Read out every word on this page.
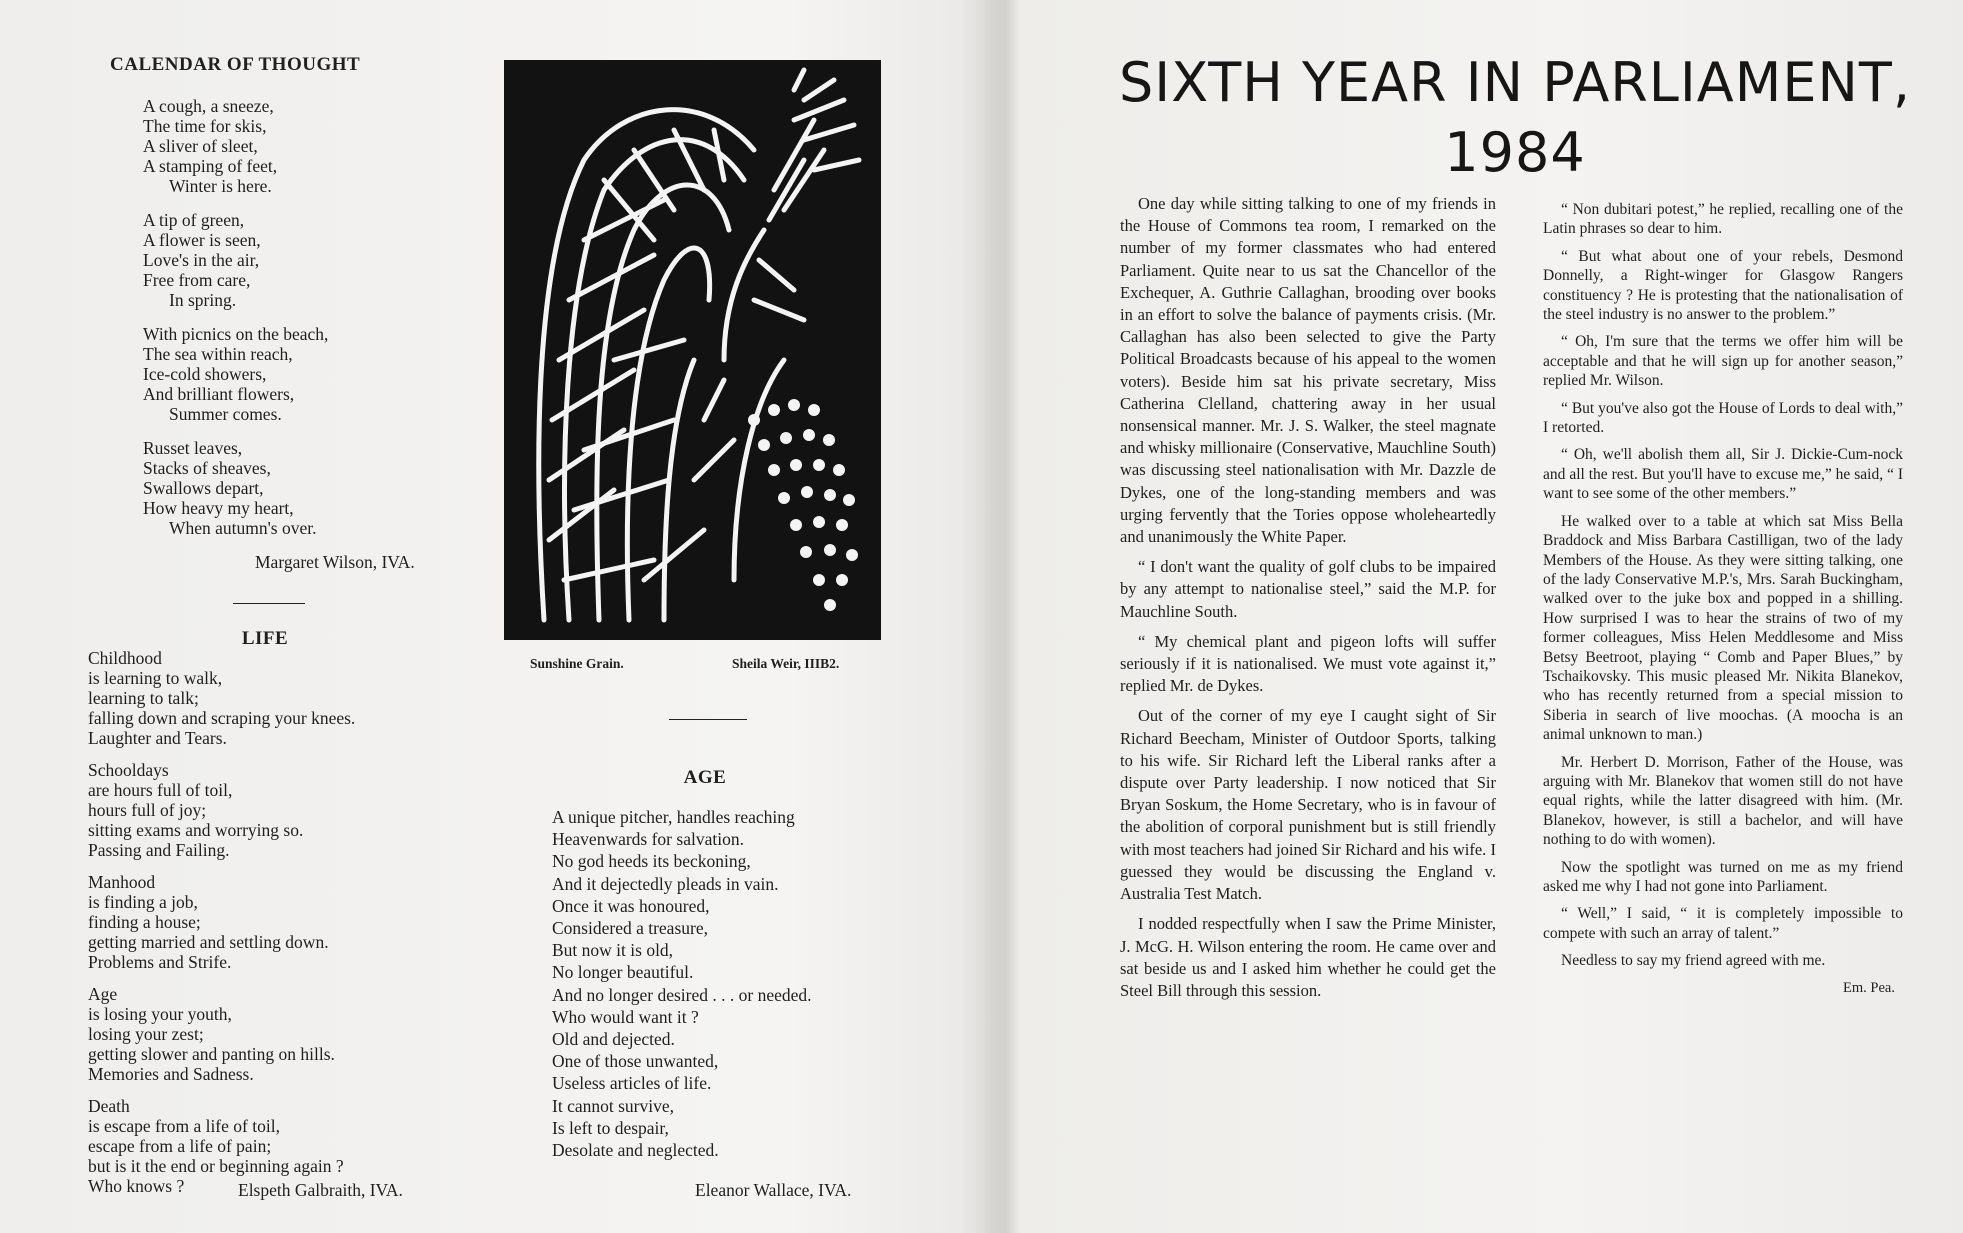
CALENDAR OF THOUGHT
A cough, a sneeze,
The time for skis,
A sliver of sleet,
A stamping of feet,
Winter is here.
A tip of green,
A flower is seen,
Love's in the air,
Free from care,
In spring.
With picnics on the beach,
The sea within reach,
Ice-cold showers,
And brilliant flowers,
Summer comes.
Russet leaves,
Stacks of sheaves,
Swallows depart,
How heavy my heart,
When autumn's over.
Margaret Wilson, IVA.
LIFE
Childhood
is learning to walk,
learning to talk;
falling down and scraping your knees.
Laughter and Tears.
Schooldays
are hours full of toil,
hours full of joy;
sitting exams and worrying so.
Passing and Failing.
Manhood
is finding a job,
finding a house;
getting married and settling down.
Problems and Strife.
Age
is losing your youth,
losing your zest;
getting slower and panting on hills.
Memories and Sadness.
Death
is escape from a life of toil,
escape from a life of pain;
but is it the end or beginning again ?
Who knows ?	Elspeth Galbraith, IVA.
Sunshine Grain.	Sheila Weir, IIIB2.
AGE
A unique pitcher, handles reaching
Heavenwards for salvation.
No god heeds its beckoning,
And it dejectedly pleads in vain.
Once it was honoured,
Considered a treasure,
But now it is old,
No longer beautiful.
And no longer desired . . . or needed.
Who would want it ?
Old and dejected.
One of those unwanted,
Useless articles of life.
It cannot survive,
Is left to despair,
Desolate and neglected.
Eleanor Wallace, IVA.
SIXTH YEAR IN PARLIAMENT,
1984

One day while sitting talking to one of my friends in the House of Commons tea room, I remarked on the number of my former classmates who had entered Parliament. Quite near to us sat the Chancellor of the Exchequer, A. Guthrie Callaghan, brooding over books in an effort to solve the balance of payments crisis. (Mr. Callaghan has also been selected to give the Party Political Broadcasts because of his appeal to the women voters). Beside him sat his private secretary, Miss Catherina Clelland, chattering away in her usual nonsensical manner. Mr. J. S. Walker, the steel magnate and whisky millionaire (Conservative, Mauchline South) was discussing steel nationalisation with Mr. Dazzle de Dykes, one of the long-standing members and was urging fervently that the Tories oppose wholeheartedly and unanimously the White Paper.

“ I don't want the quality of golf clubs to be impaired by any attempt to nationalise steel,” said the M.P. for Mauchline South.

“ My chemical plant and pigeon lofts will suffer seriously if it is nationalised. We must vote against it,” replied Mr. de Dykes.

Out of the corner of my eye I caught sight of Sir Richard Beecham, Minister of Outdoor Sports, talking to his wife. Sir Richard left the Liberal ranks after a dispute over Party leadership. I now noticed that Sir Bryan Soskum, the Home Secretary, who is in favour of the abolition of corporal punishment but is still friendly with most teachers had joined Sir Richard and his wife. I guessed they would be discussing the England v. Australia Test Match.

I nodded respectfully when I saw the Prime Minister, J. McG. H. Wilson entering the room. He came over and sat beside us and I asked him whether he could get the Steel Bill through this session.

“ Non dubitari potest,” he replied, recalling one of the Latin phrases so dear to him.

“ But what about one of your rebels, Desmond Donnelly, a Right-winger for Glasgow Rangers constituency ? He is protesting that the nationalisation of the steel industry is no answer to the problem.”

“ Oh, I'm sure that the terms we offer him will be acceptable and that he will sign up for another season,” replied Mr. Wilson.

“ But you've also got the House of Lords to deal with,” I retorted.

“ Oh, we'll abolish them all, Sir J. Dickie-Cum-nock and all the rest. But you'll have to excuse me,” he said, “ I want to see some of the other members.”

He walked over to a table at which sat Miss Bella Braddock and Miss Barbara Castilligan, two of the lady Members of the House. As they were sitting talking, one of the lady Conservative M.P.'s, Mrs. Sarah Buckingham, walked over to the juke box and popped in a shilling. How surprised I was to hear the strains of two of my former colleagues, Miss Helen Meddlesome and Miss Betsy Beetroot, playing “ Comb and Paper Blues,” by Tschaikovsky. This music pleased Mr. Nikita Blanekov, who has recently returned from a special mission to Siberia in search of live moochas. (A moocha is an animal unknown to man.)

Mr. Herbert D. Morrison, Father of the House, was arguing with Mr. Blanekov that women still do not have equal rights, while the latter disagreed with him. (Mr. Blanekov, however, is still a bachelor, and will have nothing to do with women).

Now the spotlight was turned on me as my friend asked me why I had not gone into Parliament.

“ Well,” I said, “ it is completely impossible to compete with such an array of talent.”

Needless to say my friend agreed with me.

Em. Pea.
